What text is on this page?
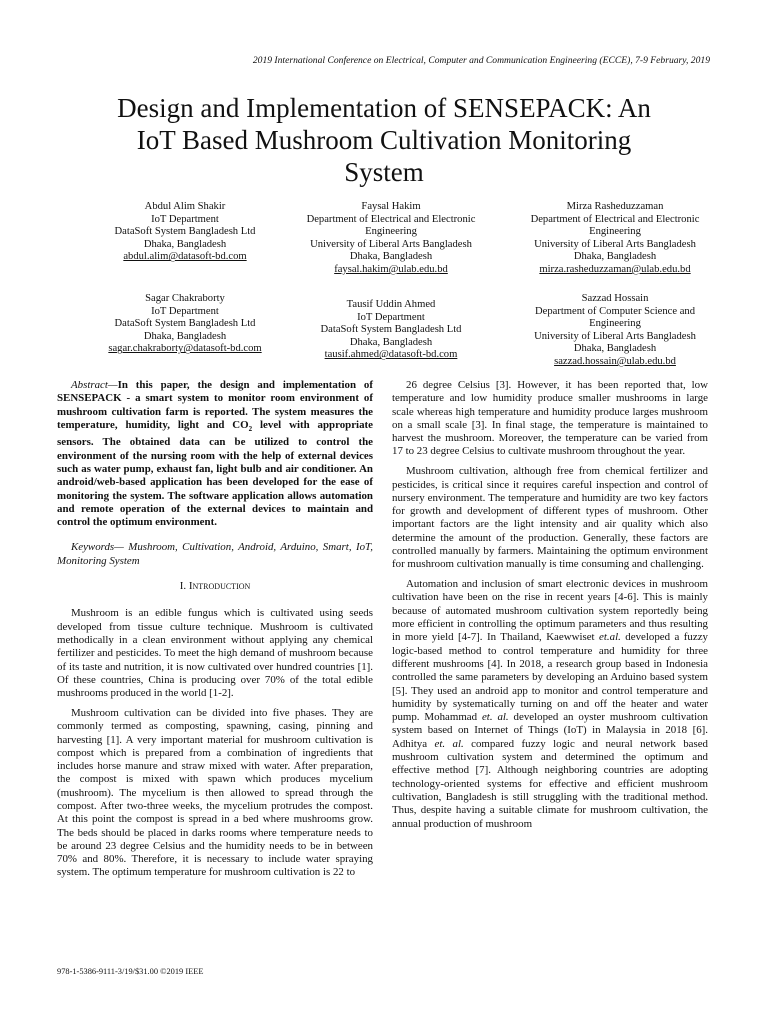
2019 International Conference on Electrical, Computer and Communication Engineering (ECCE), 7-9 February, 2019
Design and Implementation of SENSEPACK: An
IoT Based Mushroom Cultivation Monitoring
System
Abdul Alim Shakir
IoT Department
DataSoft System Bangladesh Ltd
Dhaka, Bangladesh
abdul.alim@datasoft-bd.com
Faysal Hakim
Department of Electrical and Electronic
Engineering
University of Liberal Arts Bangladesh
Dhaka, Bangladesh
faysal.hakim@ulab.edu.bd
Mirza Rasheduzzaman
Department of Electrical and Electronic
Engineering
University of Liberal Arts Bangladesh
Dhaka, Bangladesh
mirza.rasheduzzaman@ulab.edu.bd
Sagar Chakraborty
IoT Department
DataSoft System Bangladesh Ltd
Dhaka, Bangladesh
sagar.chakraborty@datasoft-bd.com
Tausif Uddin Ahmed
IoT Department
DataSoft System Bangladesh Ltd
Dhaka, Bangladesh
tausif.ahmed@datasoft-bd.com
Sazzad Hossain
Department of Computer Science and
Engineering
University of Liberal Arts Bangladesh
Dhaka, Bangladesh
sazzad.hossain@ulab.edu.bd

Abstract—In this paper, the design and implementation of SENSEPACK - a smart system to monitor room environment of mushroom cultivation farm is reported. The system measures the temperature, humidity, light and $CO_2$ level with appropriate sensors. The obtained data can be utilized to control the environment of the nursing room with the help of external devices such as water pump, exhaust fan, light bulb and air conditioner. An android/web-based application has been developed for the ease of monitoring the system. The software application allows automation and remote operation of the external devices to maintain and control the optimum environment.

Keywords— Mushroom, Cultivation, Android, Arduino, Smart, IoT, Monitoring System

I. Introduction

Mushroom is an edible fungus which is cultivated using seeds developed from tissue culture technique. Mushroom is cultivated methodically in a clean environment without applying any chemical fertilizer and pesticides. To meet the high demand of mushroom because of its taste and nutrition, it is now cultivated over hundred countries [1]. Of these countries, China is producing over 70% of the total edible mushrooms produced in the world [1-2].

Mushroom cultivation can be divided into five phases. They are commonly termed as composting, spawning, casing, pinning and harvesting [1]. A very important material for mushroom cultivation is compost which is prepared from a combination of ingredients that includes horse manure and straw mixed with water. After preparation, the compost is mixed with spawn which produces mycelium (mushroom). The mycelium is then allowed to spread through the compost. After two-three weeks, the mycelium protrudes the compost. At this point the compost is spread in a bed where mushrooms grow. The beds should be placed in darks rooms where temperature needs to be around 23 degree Celsius and the humidity needs to be in between 70% and 80%. Therefore, it is necessary to include water spraying system. The optimum temperature for mushroom cultivation is 22 to

26 degree Celsius [3]. However, it has been reported that, low temperature and low humidity produce smaller mushrooms in large scale whereas high temperature and humidity produce larges mushroom on a small scale [3]. In final stage, the temperature is maintained to harvest the mushroom. Moreover, the temperature can be varied from 17 to 23 degree Celsius to cultivate mushroom throughout the year.

Mushroom cultivation, although free from chemical fertilizer and pesticides, is critical since it requires careful inspection and control of nursery environment. The temperature and humidity are two key factors for growth and development of different types of mushroom. Other important factors are the light intensity and air quality which also determine the amount of the production. Generally, these factors are controlled manually by farmers. Maintaining the optimum environment for mushroom cultivation manually is time consuming and challenging.

Automation and inclusion of smart electronic devices in mushroom cultivation have been on the rise in recent years [4-6]. This is mainly because of automated mushroom cultivation system reportedly being more efficient in controlling the optimum parameters and thus resulting in more yield [4-7]. In Thailand, Kaewwiset et.al. developed a fuzzy logic-based method to control temperature and humidity for three different mushrooms [4]. In 2018, a research group based in Indonesia controlled the same parameters by developing an Arduino based system [5]. They used an android app to monitor and control temperature and humidity by systematically turning on and off the heater and water pump. Mohammad et. al. developed an oyster mushroom cultivation system based on Internet of Things (IoT) in Malaysia in 2018 [6]. Adhitya et. al. compared fuzzy logic and neural network based mushroom cultivation system and determined the optimum and effective method [7]. Although neighboring countries are adopting technology-oriented systems for effective and efficient mushroom cultivation, Bangladesh is still struggling with the traditional method. Thus, despite having a suitable climate for mushroom cultivation, the annual production of mushroom

978-1-5386-9111-3/19/$31.00 ©2019 IEEE
